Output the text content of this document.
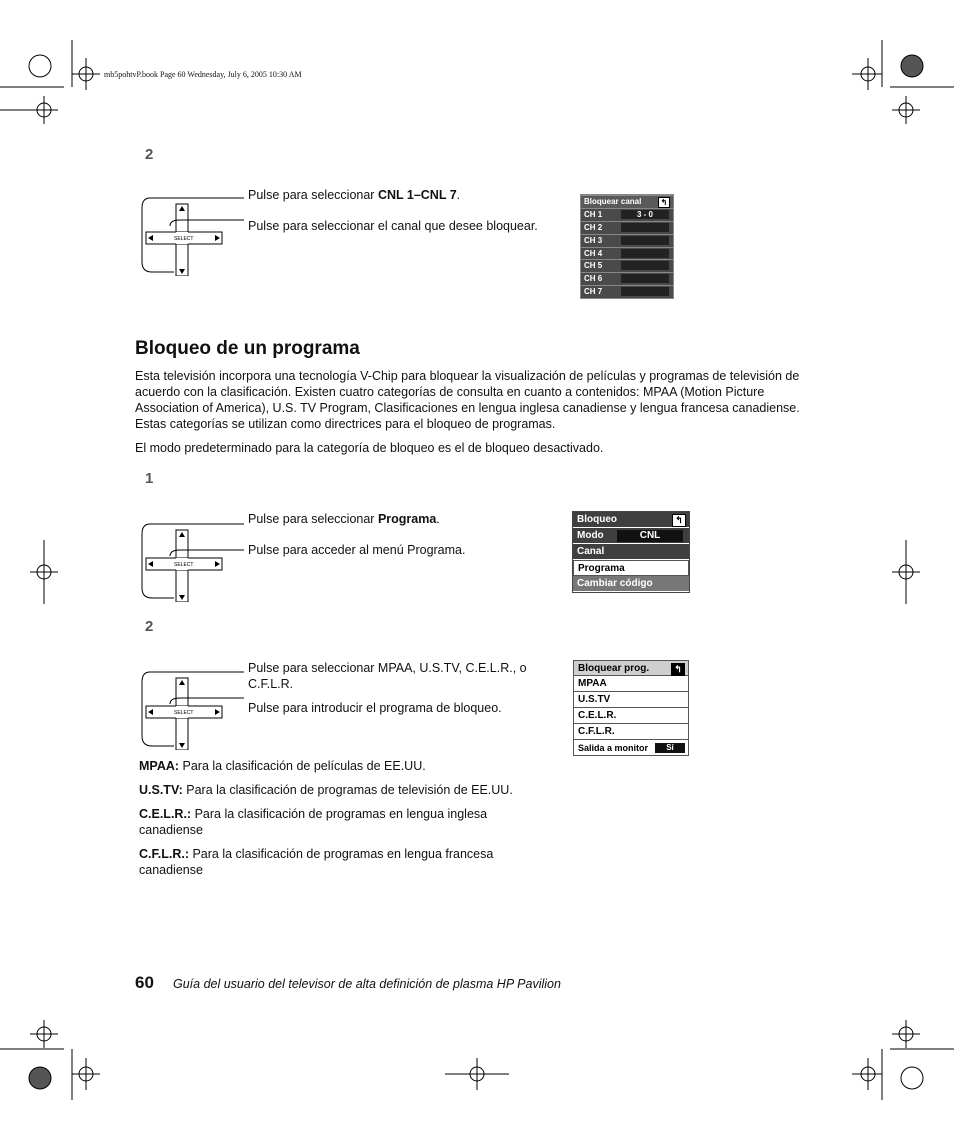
mb5pohtvP.book Page 60 Wednesday, July 6, 2005 10:30 AM
2
SELECT
Pulse para seleccionar CNL 1–CNL 7.
Pulse para seleccionar el canal que desee bloquear.
Bloquear canal	↰
CH 1	3 - 0
CH 2
CH 3
CH 4
CH 5
CH 6
CH 7
Bloqueo de un programa
Esta televisión incorpora una tecnología V-Chip para bloquear la visualización de películas y programas de televisión de acuerdo con la clasificación. Existen cuatro categorías de consulta en cuanto a contenidos: MPAA (Motion Picture Association of America), U.S. TV Program, Clasificaciones en lengua inglesa canadiense y lengua francesa canadiense. Estas categorías se utilizan como directrices para el bloqueo de programas.
El modo predeterminado para la categoría de bloqueo es el de bloqueo desactivado.
1
SELECT
Pulse para seleccionar Programa.
Pulse para acceder al menú Programa.
Bloqueo	↰
Modo	CNL
Canal
Programa
Cambiar código
2
SELECT
Pulse para seleccionar MPAA, U.S.TV, C.E.L.R., o C.F.L.R.
Pulse para introducir el programa de bloqueo.
Bloquear prog.	↰
MPAA
U.S.TV
C.E.L.R.
C.F.L.R.
Salida a monitor	Sí
MPAA: Para la clasificación de películas de EE.UU.
U.S.TV: Para la clasificación de programas de televisión de EE.UU.
C.E.L.R.: Para la clasificación de programas en lengua inglesa canadiense
C.F.L.R.: Para la clasificación de programas en lengua francesa canadiense
60 Guía del usuario del televisor de alta definición de plasma HP Pavilion
